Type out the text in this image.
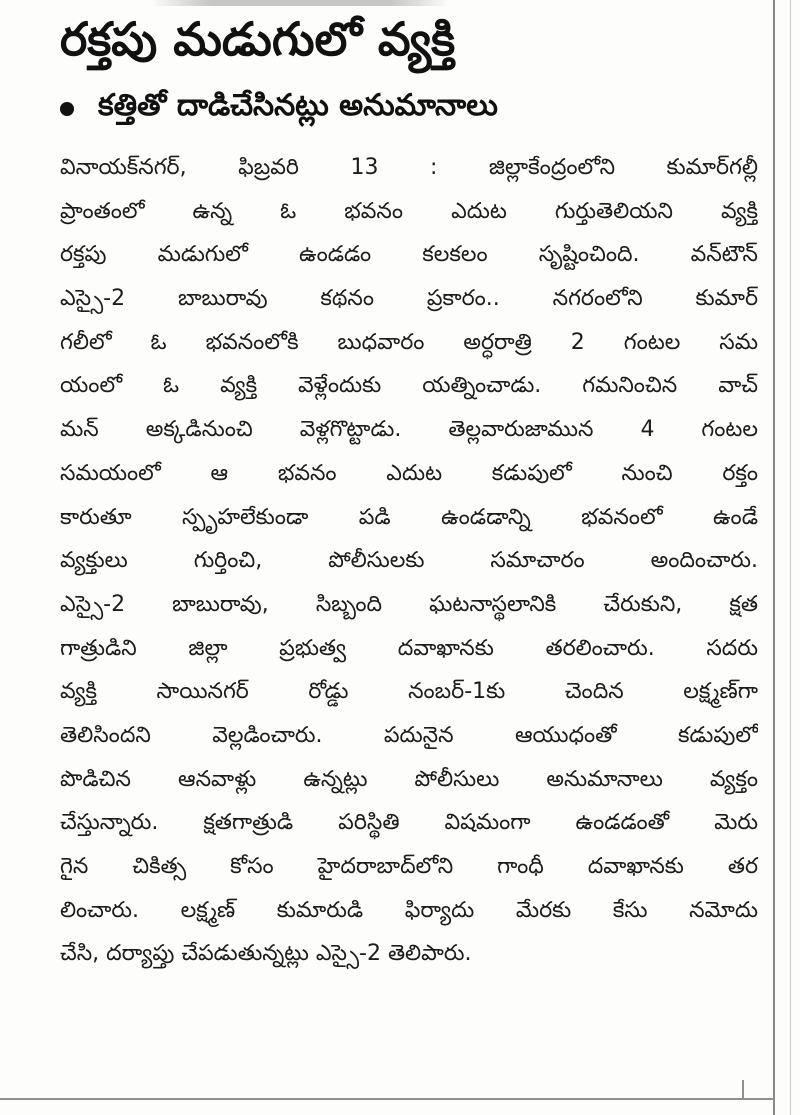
రక్తపు మడుగులో వ్యక్తి
కత్తితో దాడిచేసినట్లు అనుమానాలు
వినాయక్‌నగర్‌, ఫిబ్రవరి 13 : జిల్లాకేంద్రంలోని కుమార్‌గల్లీ
ప్రాంతంలో ఉన్న ఓ భవనం ఎదుట గుర్తుతెలియని వ్యక్తి
రక్తపు మడుగులో ఉండడం కలకలం సృష్టించింది. వన్‌టౌన్‌
ఎస్సై-2 బాబురావు కథనం ప్రకారం.. నగరంలోని కుమార్‌
గలీలో ఓ భవనంలోకి బుధవారం అర్ధరాత్రి 2 గంటల సమ
యంలో ఓ వ్యక్తి వెళ్లేందుకు యత్నించాడు. గమనించిన వాచ్‌
మన్‌ అక్కడినుంచి వెళ్లగొట్టాడు. తెల్లవారుజామున 4 గంటల
సమయంలో ఆ భవనం ఎదుట కడుపులో నుంచి రక్తం
కారుతూ స్పృహలేకుండా పడి ఉండడాన్ని భవనంలో ఉండే
వ్యక్తులు గుర్తించి, పోలీసులకు సమాచారం అందించారు.
ఎస్సై-2 బాబురావు, సిబ్బంది ఘటనాస్థలానికి చేరుకుని, క్షత
గాత్రుడిని జిల్లా ప్రభుత్వ దవాఖానకు తరలించారు. సదరు
వ్యక్తి సాయినగర్‌ రోడ్డు నంబర్‌-1కు చెందిన లక్ష్మణ్‌గా
తెలిసిందని వెల్లడించారు. పదునైన ఆయుధంతో కడుపులో
పొడిచిన ఆనవాళ్లు ఉన్నట్లు పోలీసులు అనుమానాలు వ్యక్తం
చేస్తున్నారు. క్షతగాత్రుడి పరిస్థితి విషమంగా ఉండడంతో మెరు
గైన చికిత్స కోసం హైదరాబాద్‌లోని గాంధీ దవాఖానకు తర
లించారు. లక్ష్మణ్‌ కుమారుడి ఫిర్యాదు మేరకు కేసు నమోదు
చేసి, దర్యాప్తు చేపడుతున్నట్లు ఎస్సై-2 తెలిపారు.
